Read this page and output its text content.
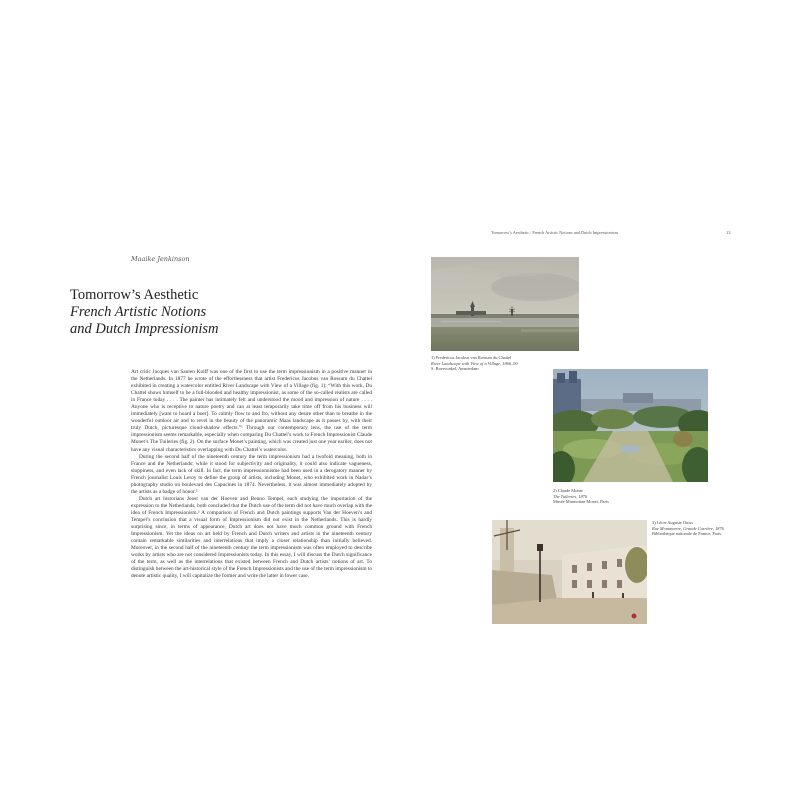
Maaike Jenkinson
Tomorrow’s Aesthetic
French Artistic Notions
and Dutch Impressionism

Art critic Jacques van Santen Kolff was one of the first to use the term impressionism in a positive manner in the Netherlands. In 1877 he wrote of the effortlessness that artist Fredericus Jacobus van Rossum du Chattel exhibited in creating a watercolor entitled River Landscape with View of a Village (fig. 1): “With this work, Du Chattel shows himself to be a full-blooded and healthy impressionist, as some of the so-called realists are called in France today . . . . The painter has intimately felt and understood the mood and impression of nature . . . . Anyone who is receptive to nature poetry and can at least temporarily take time off from his business will immediately [want to hoard a boer]. To calmly flow to and fro, without any desire other than to breathe in the wonderful outdoor air and to revel in the beauty of the panoramic Maas landscape as it passes by, with their truly Dutch, picturesque cloud-shadow effects.”¹ Through our contemporary lens, the use of the term impressionism seems remarkable, especially when comparing Du Chattel’s work to French Impressionist Claude Monet’s The Tuileries (fig. 2). On the surface Monet’s painting, which was created just one year earlier, does not have any visual characteristics overlapping with Du Chattel’s watercolor.

During the second half of the nineteenth century the term impressionism had a twofold meaning, both in France and the Netherlands: while it stood for subjectivity and originality, it could also indicate vagueness, sloppiness, and even lack of skill. In fact, the term impressionnisme had been used in a derogatory manner by French journalist Louis Leroy to define the group of artists, including Monet, who exhibited work in Nadar’s photography studio on boulevard des Capucines in 1874. Nevertheless, it was almost immediately adopted by the artists as a badge of honor.²

Dutch art historians Joost van der Hoeven and Benno Tempel, each studying the importation of the expression to the Netherlands, both concluded that the Dutch use of the term did not have much overlap with the idea of French Impressionism.³ A comparison of French and Dutch paintings supports Van der Hoeven’s and Tempel’s conclusion that a visual form of Impressionism did not exist in the Netherlands. This is hardly surprising since, in terms of appearance, Dutch art does not have much common ground with French Impressionism. Yet the ideas on art held by French and Dutch writers and artists in the nineteenth century contain remarkable similarities and interrelations that imply a closer relationship than initially believed. Moreover, in the second half of the nineteenth century the term impressionism was often employed to describe works by artists who are not considered Impressionists today. In this essay, I will discuss the Dutch significance of the term, as well as the interrelations that existed between French and Dutch artists’ notions of art. To distinguish between the art-historical style of the French Impressionists and the use of the term impressionism to denote artistic quality, I will capitalize the former and write the latter in lower case.

Tomorrow’s Aesthetic / French Artistic Notions and Dutch Impressionism	13
1) Fredericus Jacobus van Rossum du Chattel
River Landscape with View of a Village, 1866–90
S. Boerwinkel, Amsterdam
2) Claude Monet
The Tuileries, 1876
Musée Marmottan Monet, Paris
3) Léon-Auguste Ouiss
Rue Montmartre, Grande Carrière, 1876
Bibliothèque nationale de France, Paris
